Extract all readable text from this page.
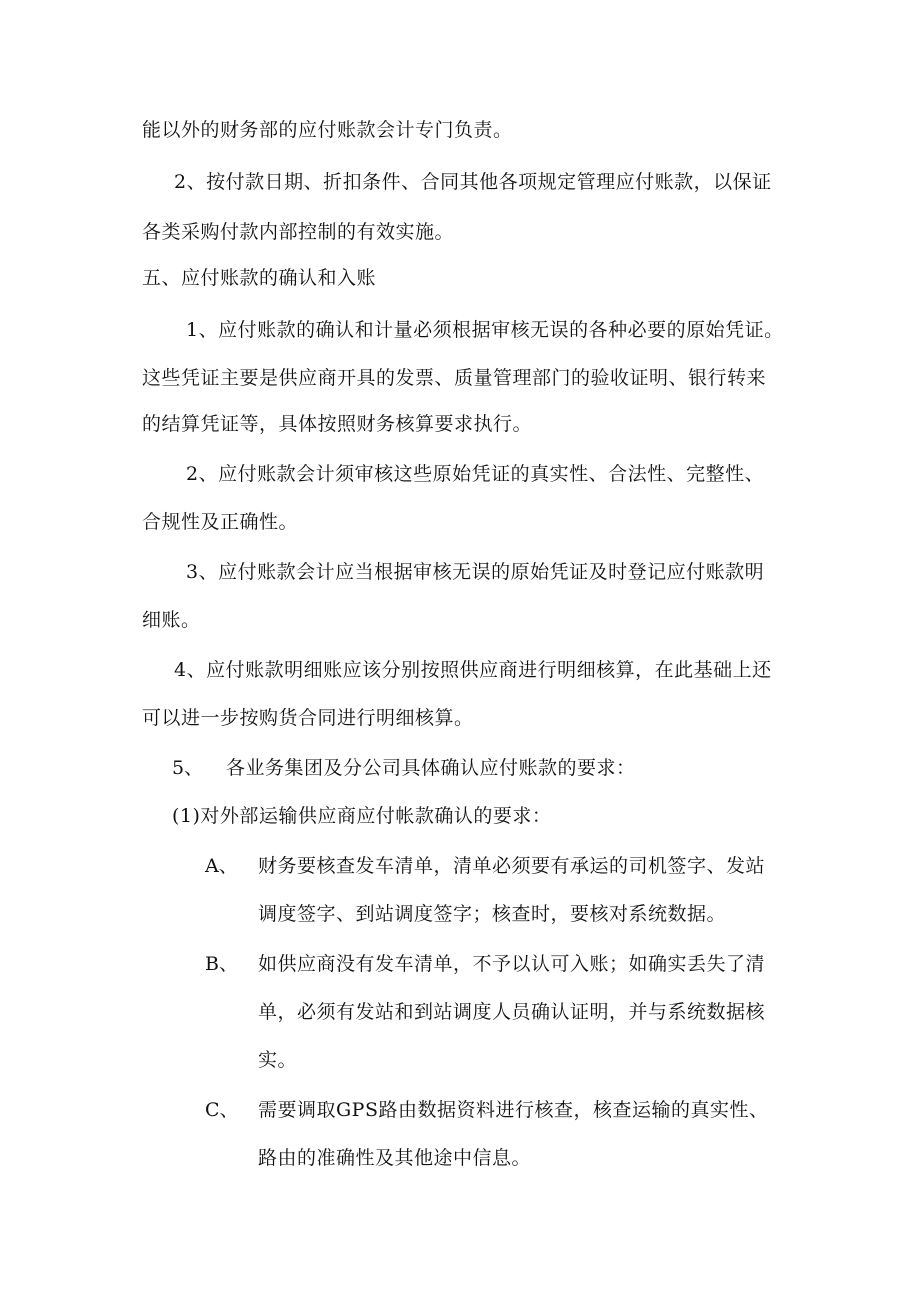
能以外的财务部的应付账款会计专门负责。
2、按付款日期、折扣条件、合同其他各项规定管理应付账款，以保证
各类采购付款内部控制的有效实施。
五、应付账款的确认和入账
1、应付账款的确认和计量必须根据审核无误的各种必要的原始凭证。
这些凭证主要是供应商开具的发票、质量管理部门的验收证明、银行转来
的结算凭证等，具体按照财务核算要求执行。
2、应付账款会计须审核这些原始凭证的真实性、合法性、完整性、
合规性及正确性。
3、应付账款会计应当根据审核无误的原始凭证及时登记应付账款明
细账。
4、应付账款明细账应该分别按照供应商进行明细核算，在此基础上还
可以进一步按购货合同进行明细核算。
5、 各业务集团及分公司具体确认应付账款的要求：
(1)对外部运输供应商应付帐款确认的要求：
A、 财务要核查发车清单，清单必须要有承运的司机签字、发站
调度签字、到站调度签字；核查时，要核对系统数据。
B、 如供应商没有发车清单，不予以认可入账；如确实丢失了清
单，必须有发站和到站调度人员确认证明，并与系统数据核
实。
C、 需要调取GPS路由数据资料进行核查，核查运输的真实性、
路由的准确性及其他途中信息。
